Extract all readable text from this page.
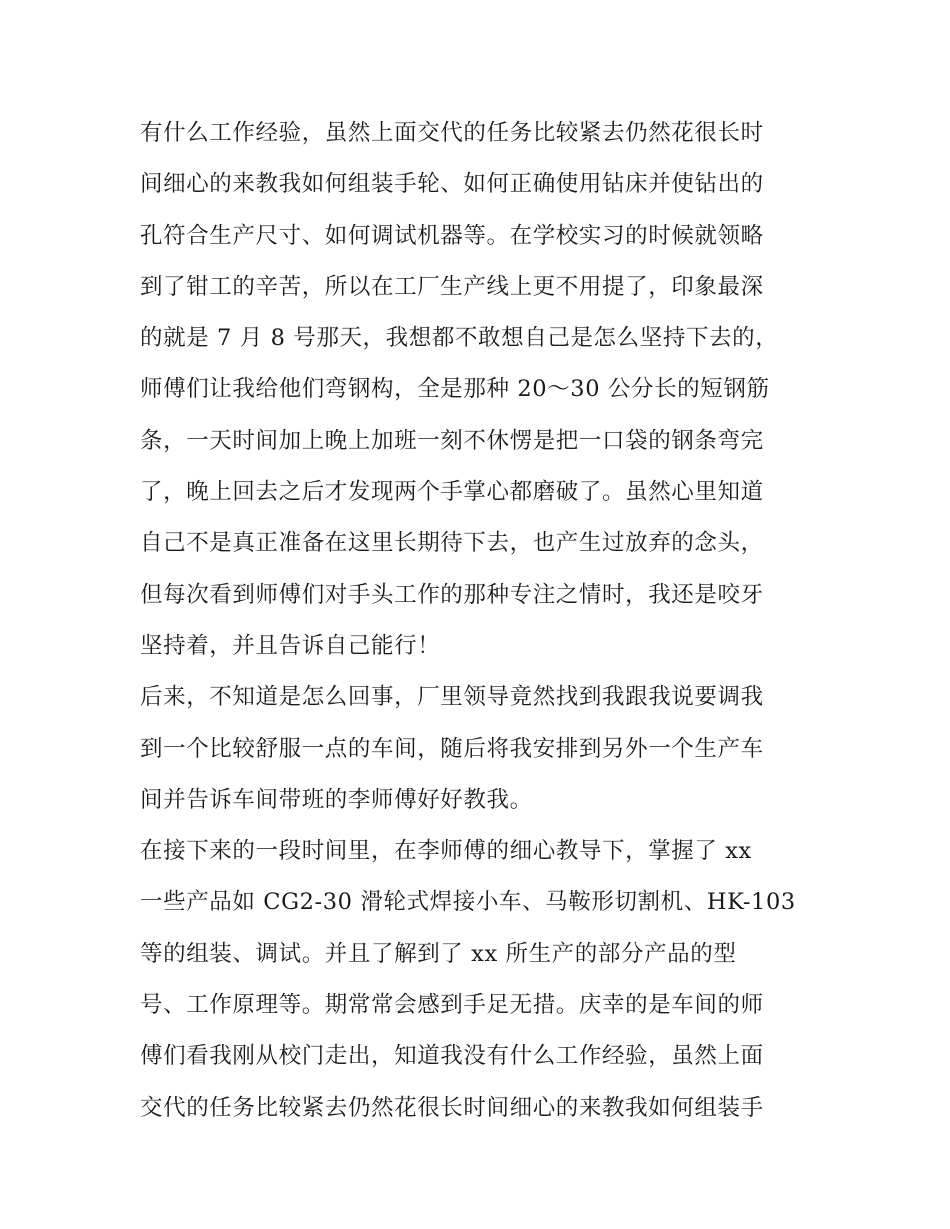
有什么工作经验，虽然上面交代的任务比较紧去仍然花很长时
间细心的来教我如何组装手轮、如何正确使用钻床并使钻出的
孔符合生产尺寸、如何调试机器等。在学校实习的时候就领略
到了钳工的辛苦，所以在工厂生产线上更不用提了，印象最深
的就是 7 月 8 号那天，我想都不敢想自己是怎么坚持下去的，
师傅们让我给他们弯钢构，全是那种 20～30 公分长的短钢筋
条，一天时间加上晚上加班一刻不休愣是把一口袋的钢条弯完
了，晚上回去之后才发现两个手掌心都磨破了。虽然心里知道
自己不是真正准备在这里长期待下去，也产生过放弃的念头，
但每次看到师傅们对手头工作的那种专注之情时，我还是咬牙
坚持着，并且告诉自己能行！
后来，不知道是怎么回事，厂里领导竟然找到我跟我说要调我
到一个比较舒服一点的车间，随后将我安排到另外一个生产车
间并告诉车间带班的李师傅好好教我。
在接下来的一段时间里，在李师傅的细心教导下，掌握了 xx
一些产品如 CG2-30 滑轮式焊接小车、马鞍形切割机、HK-103
等的组装、调试。并且了解到了 xx 所生产的部分产品的型
号、工作原理等。期常常会感到手足无措。庆幸的是车间的师
傅们看我刚从校门走出，知道我没有什么工作经验，虽然上面
交代的任务比较紧去仍然花很长时间细心的来教我如何组装手
